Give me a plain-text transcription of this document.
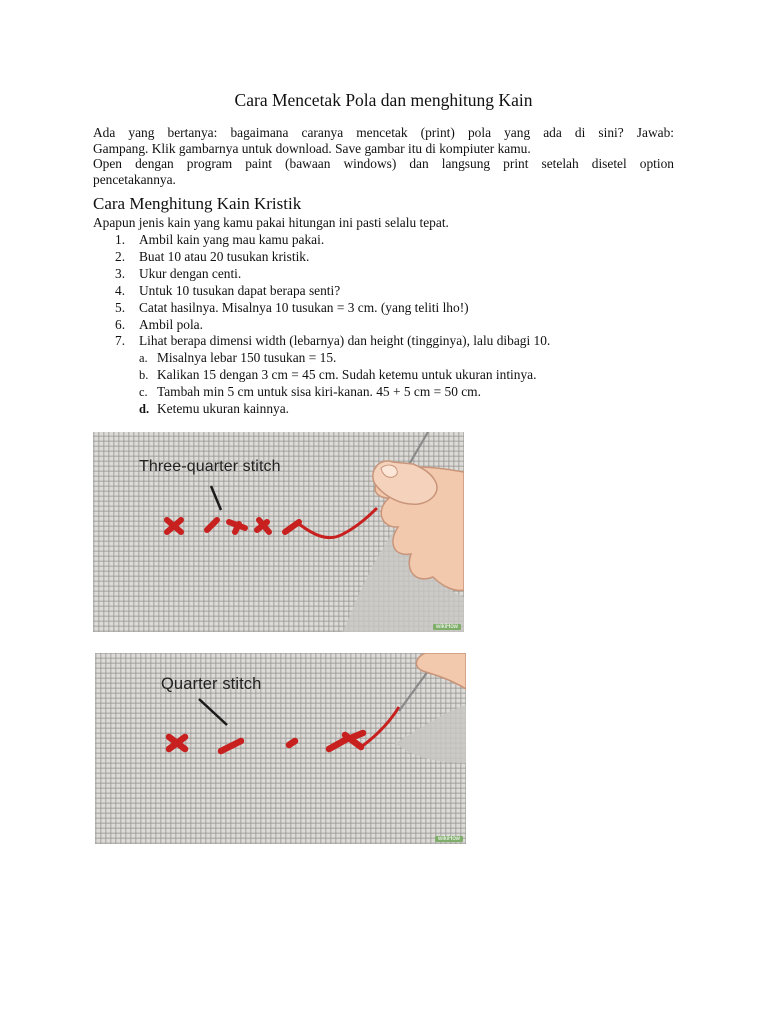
Cara Mencetak Pola dan menghitung Kain

Ada yang bertanya: bagaimana caranya mencetak (print) pola yang ada di sini? Jawab:

Gampang. Klik gambarnya untuk download. Save gambar itu di kompiuter kamu.

Open dengan program paint (bawaan windows) dan langsung print setelah disetel option

pencetakannya.

Cara Menghitung Kain Kristik

Apapun jenis kain yang kamu pakai hitungan ini pasti selalu tepat.

1. Ambil kain yang mau kamu pakai.
2. Buat 10 atau 20 tusukan kristik.
3. Ukur dengan centi.
4. Untuk 10 tusukan dapat berapa senti?
5. Catat hasilnya. Misalnya 10 tusukan = 3 cm. (yang teliti lho!)
6. Ambil pola.
7. Lihat berapa dimensi width (lebarnya) dan height (tingginya), lalu dibagi 10.
a. Misalnya lebar 150 tusukan = 15.
b. Kalikan 15 dengan 3 cm = 45 cm. Sudah ketemu untuk ukuran intinya.
c. Tambah min 5 cm untuk sisa kiri-kanan. 45 + 5 cm = 50 cm.
d. Ketemu ukuran kainnya.
Three-quarter stitch
wikiHow
Quarter stitch
wikiHow
